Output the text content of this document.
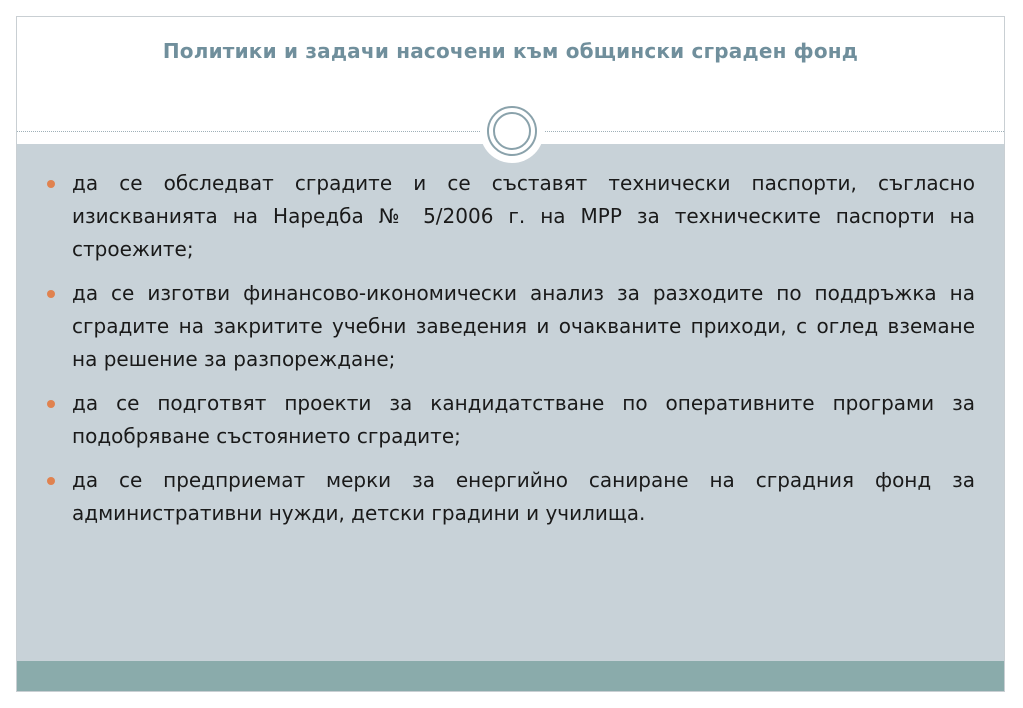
Политики и задачи насочени към общински сграден фонд
да се обследват сградите и се съставят технически паспорти, съгласно изискванията на Наредба № 5/2006 г. на МРР за техническите паспорти на строежите;
да се изготви финансово-икономически анализ за разходите по поддръжка на сградите на закритите учебни заведения и очакваните приходи, с оглед вземане на решение за разпореждане;
да се подготвят проекти за кандидатстване по оперативните програми за подобряване състоянието сградите;
да се предприемат мерки за енергийно саниране на сградния фонд за административни нужди, детски градини и училища.
